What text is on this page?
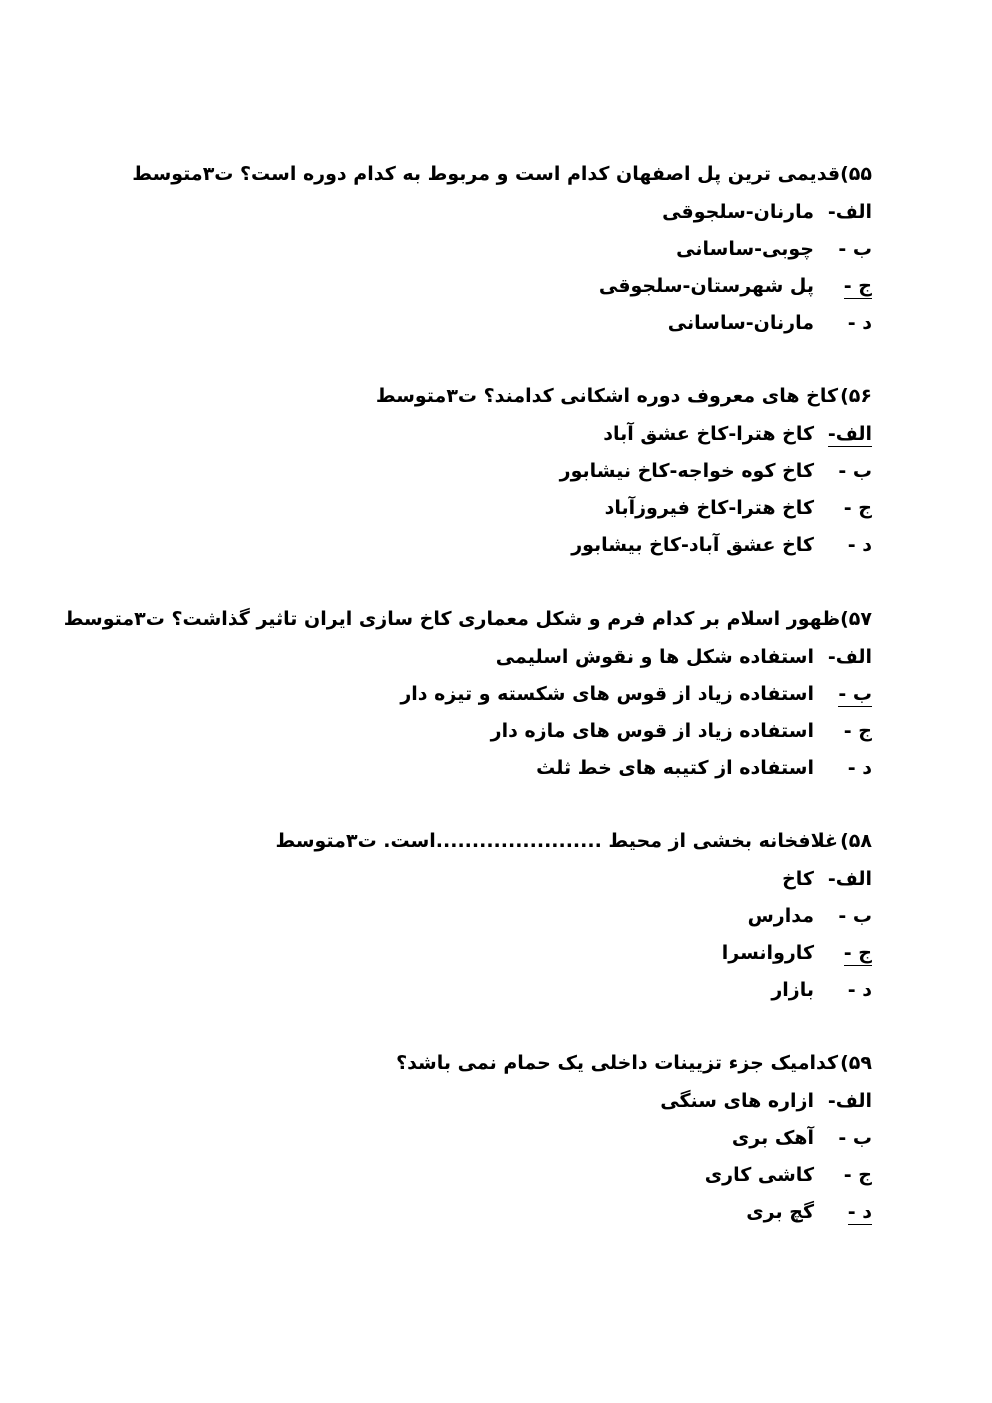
۵۵)
قدیمی ترین پل اصفهان کدام است و مربوط به کدام دوره است؟ ت۳متوسط
الف-
مارنان-سلجوقی
ب -
چوبی-ساسانی
ج -
پل شهرستان-سلجوقی
د -
مارنان-ساسانی
۵۶)
کاخ های معروف دوره اشکانی کدامند؟ ت۳متوسط
الف-
کاخ هترا-کاخ عشق آباد
ب -
کاخ کوه خواجه-کاخ نیشابور
ج -
کاخ هترا-کاخ فیروزآباد
د -
کاخ عشق آباد-کاخ بیشابور
۵۷)
ظهور اسلام بر کدام فرم و شکل معماری کاخ سازی ایران تاثیر گذاشت؟ ت۳متوسط
الف-
استفاده شکل ها و نقوش اسلیمی
ب -
استفاده زیاد از قوس های شکسته و تیزه دار
ج -
استفاده زیاد از قوس های مازه دار
د -
استفاده از کتیبه های خط ثلث
۵۸)
غلافخانه بخشی از محیط .......................است. ت۳متوسط
الف-
کاخ
ب -
مدارس
ج -
کاروانسرا
د -
بازار
۵۹)
کدامیک جزء تزیینات داخلی یک حمام نمی باشد؟
الف-
ازاره های سنگی
ب -
آهک بری
ج -
کاشی کاری
د -
گچ بری
